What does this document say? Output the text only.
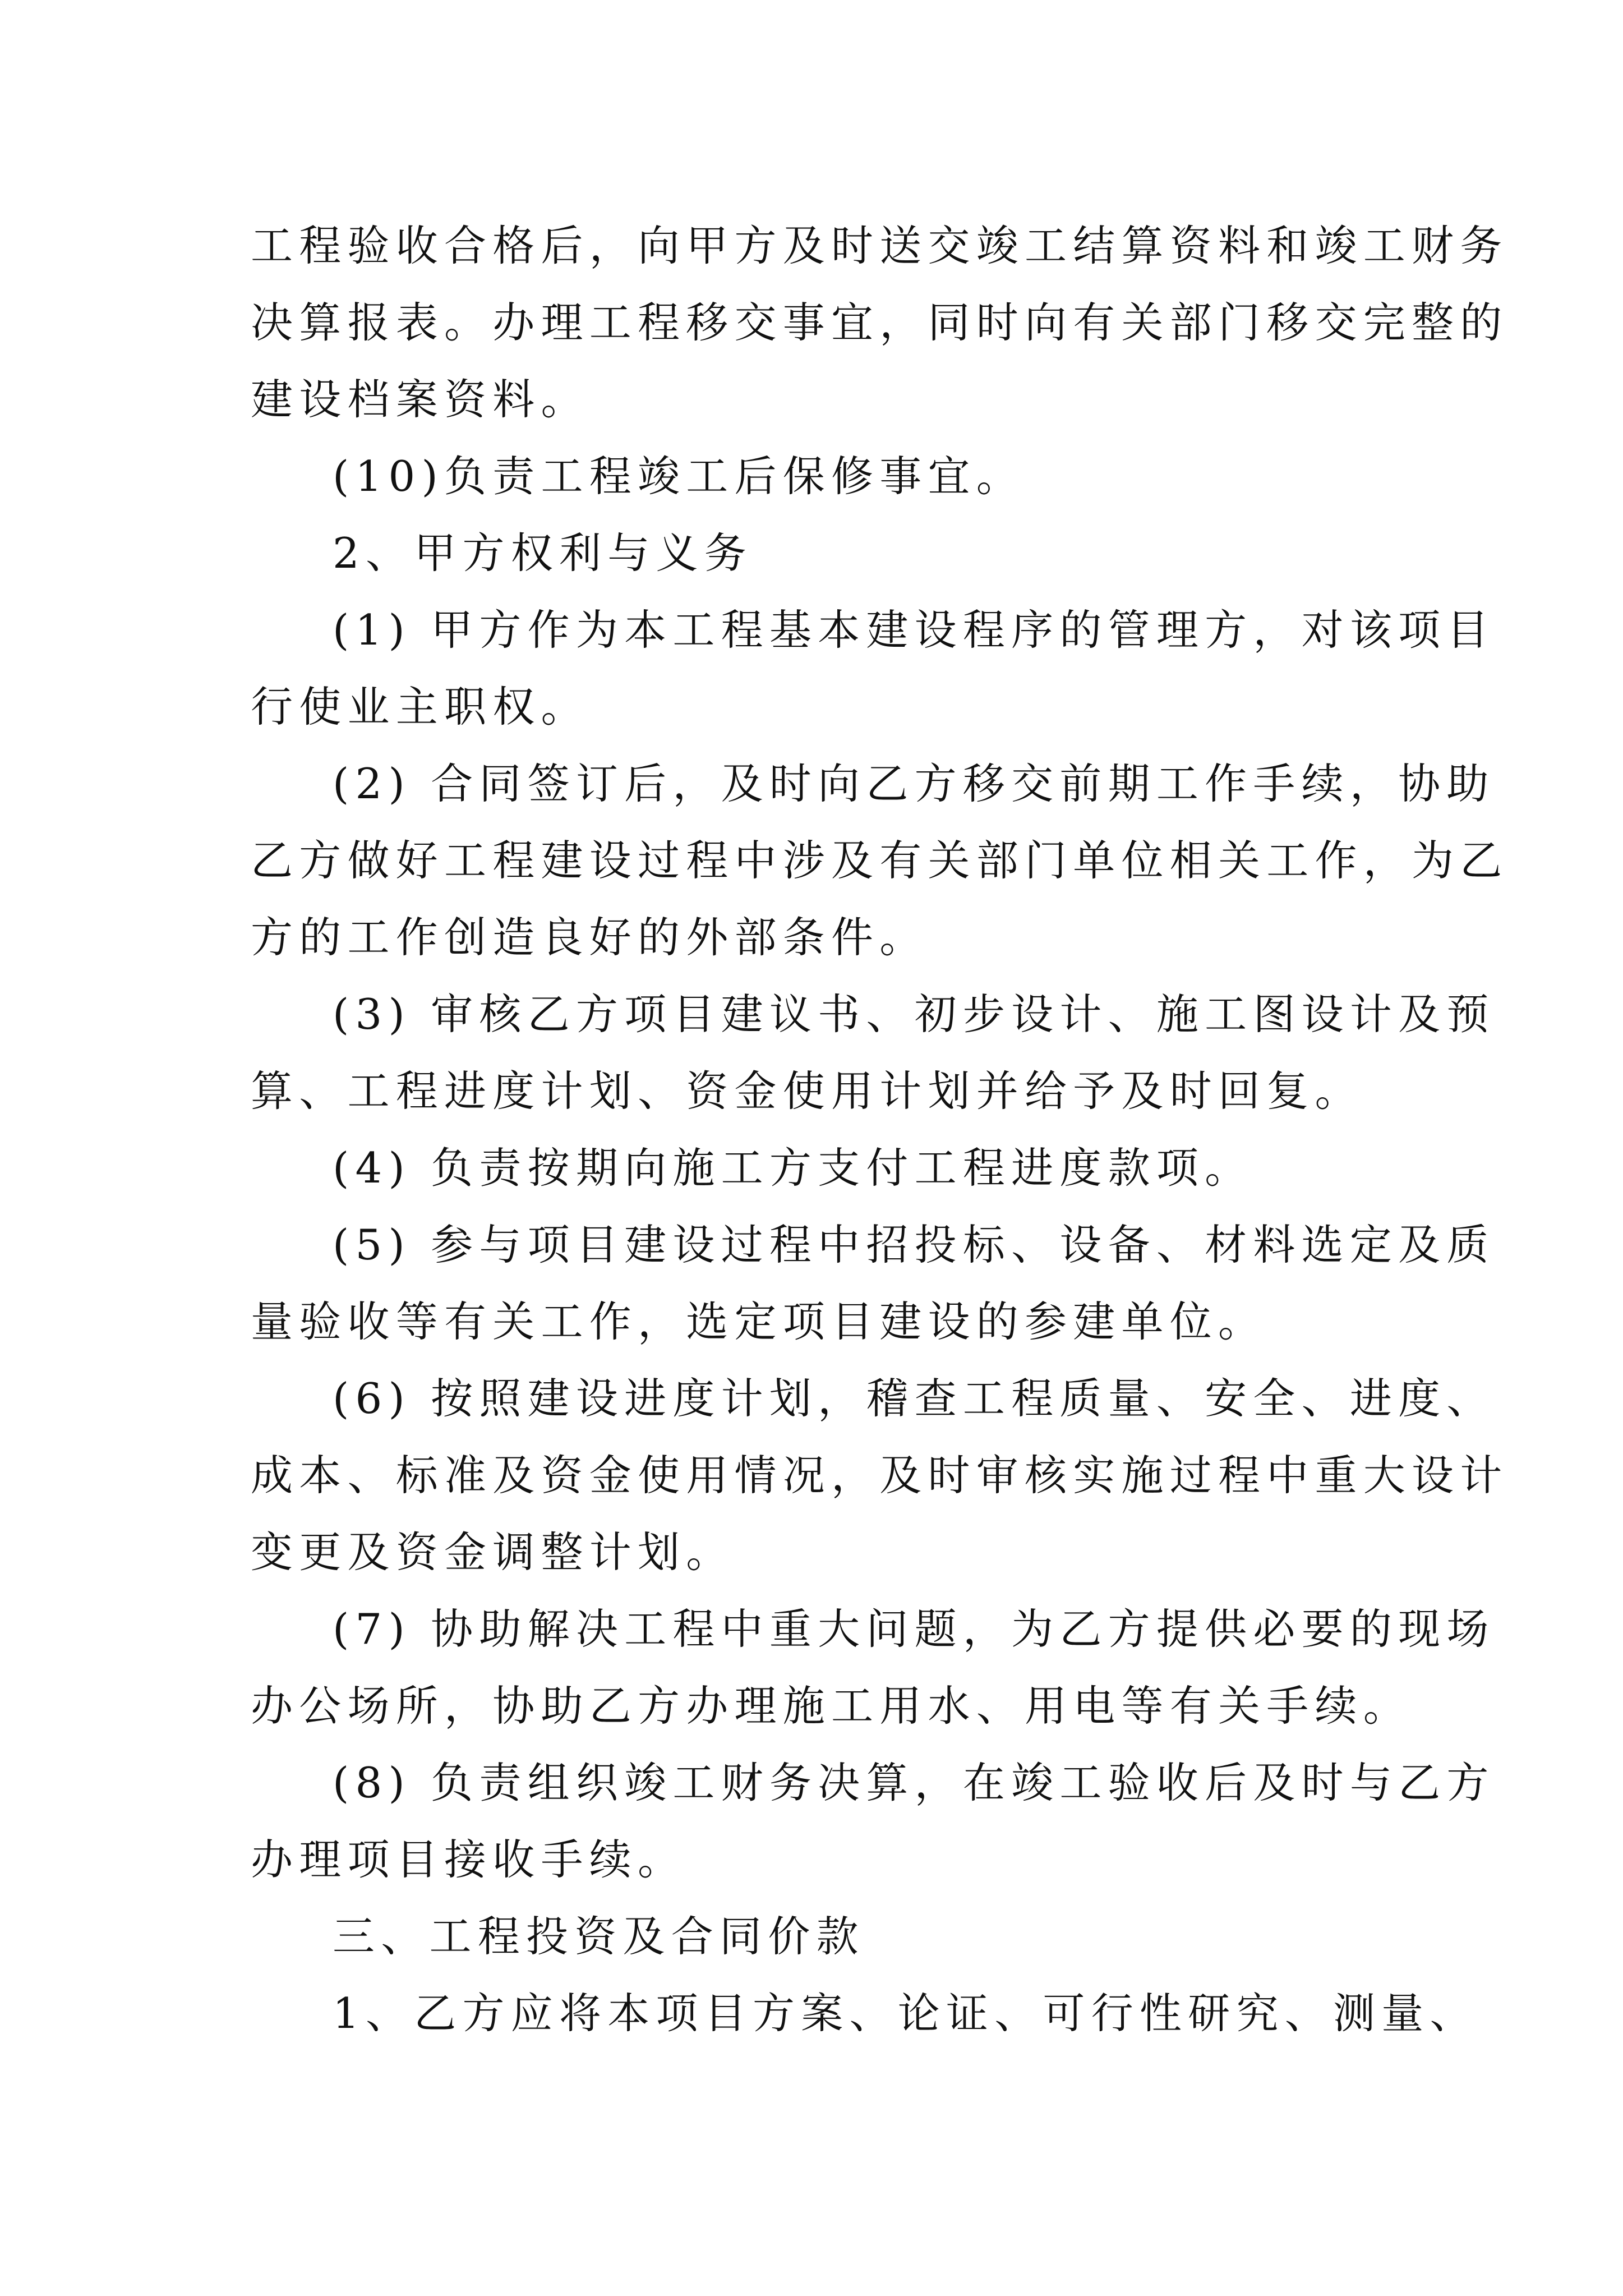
工程验收合格后，向甲方及时送交竣工结算资料和竣工财务
决算报表。办理工程移交事宜，同时向有关部门移交完整的
建设档案资料。
(10)负责工程竣工后保修事宜。
2、甲方权利与义务
(1) 甲方作为本工程基本建设程序的管理方，对该项目
行使业主职权。
(2) 合同签订后，及时向乙方移交前期工作手续，协助
乙方做好工程建设过程中涉及有关部门单位相关工作，为乙
方的工作创造良好的外部条件。
(3) 审核乙方项目建议书、初步设计、施工图设计及预
算、工程进度计划、资金使用计划并给予及时回复。
(4) 负责按期向施工方支付工程进度款项。
(5) 参与项目建设过程中招投标、设备、材料选定及质
量验收等有关工作，选定项目建设的参建单位。
(6) 按照建设进度计划，稽查工程质量、安全、进度、
成本、标准及资金使用情况，及时审核实施过程中重大设计
变更及资金调整计划。
(7) 协助解决工程中重大问题，为乙方提供必要的现场
办公场所，协助乙方办理施工用水、用电等有关手续。
(8) 负责组织竣工财务决算，在竣工验收后及时与乙方
办理项目接收手续。
三、工程投资及合同价款
1、乙方应将本项目方案、论证、可行性研究、测量、
